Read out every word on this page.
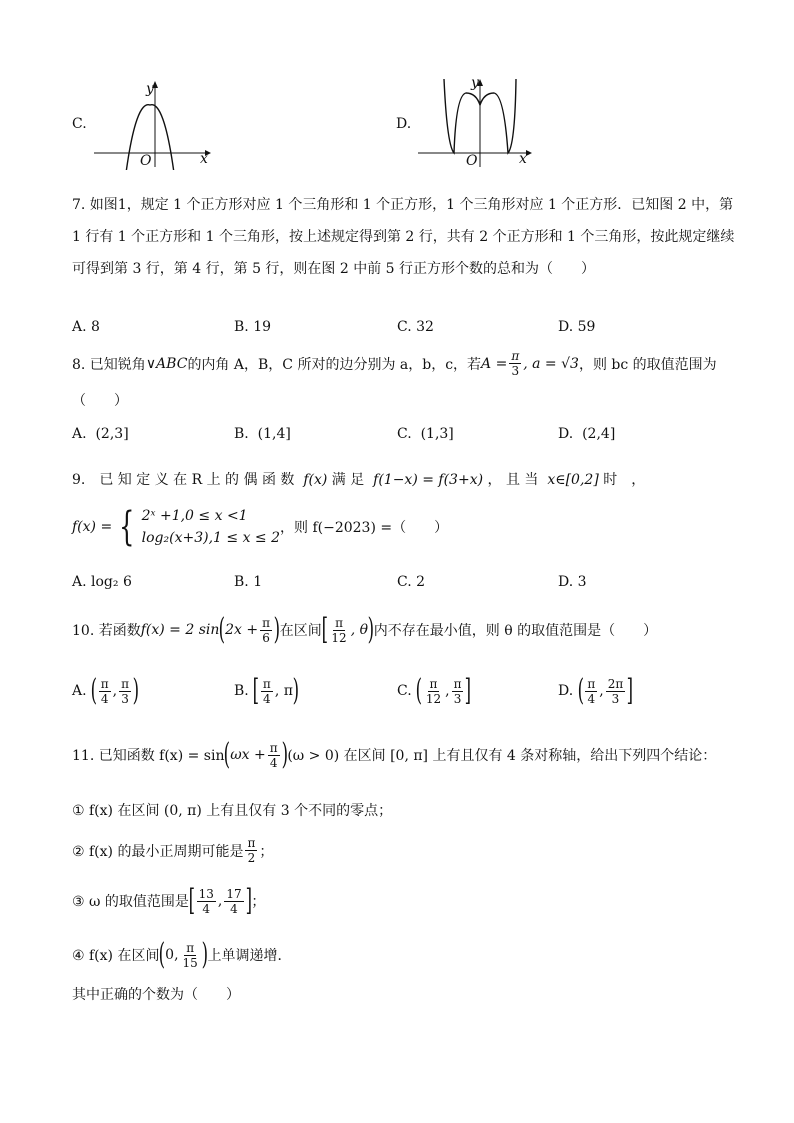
C.
y
x
O
D.
y
x
O
7. 如图1，规定 1 个正方形对应 1 个三角形和 1 个正方形，1 个三角形对应 1 个正方形．已知图 2 中，第
1 行有 1 个正方形和 1 个三角形，按上述规定得到第 2 行，共有 2 个正方形和 1 个三角形，按此规定继续
可得到第 3 行，第 4 行，第 5 行，则在图 2 中前 5 行正方形个数的总和为（　　）
A. 8	B. 19	C. 32	D. 59
8. 已知锐角 ∨ABC 的内角 A，B，C 所对的边分别为 a，b，c，若 $A = \frac{\pi}{3}$ , a = √3 ，则 bc 的取值范围为
（　　）
A. (2,3]	B. (1,4]	C. (1,3]	D. (2,4]
9.　已 知 定 义 在 R 上 的 偶 函 数 f(x) 满 足 f(1−x) = f(3+x) ， 且 当 x∈[0,2] 时　，
f(x) = { 2ˣ +1,0 ≤ x <1
log₂(x+3),1 ≤ x ≤ 2
，则 f(−2023) =（　　）
A. log₂ 6	B. 1	C. 2	D. 3
10. 若函数 f(x) = 2 sin ( $2x + \frac{\pi}{6}$ ) 在区间 [ $\frac{\pi}{12}$ , θ ) 内不存在最小值，则 θ 的取值范围是（　　）
A.
( $\frac{\pi}{4}$ , $\frac{\pi}{3}$ )	B.
[ $\frac{\pi}{4}$ , π )	C.
( $\frac{\pi}{12}$ , $\frac{\pi}{3}$ ]	D.
( $\frac{\pi}{4}$ , $\frac{2\pi}{3}$ ]
11. 已知函数 f(x) = sin ( $\omega x + \frac{\pi}{4}$ ) (ω > 0) 在区间 [0, π] 上有且仅有 4 条对称轴，给出下列四个结论：
① f(x) 在区间 (0, π) 上有且仅有 3 个不同的零点；
② f(x) 的最小正周期可能是 $\frac{\pi}{2}$ ；
③ ω 的取值范围是 [ $\frac{13}{4}$ , $\frac{17}{4}$ ] ；
④ f(x) 在区间 ( 0, $\frac{\pi}{15}$ ) 上单调递增．
其中正确的个数为（　　）
